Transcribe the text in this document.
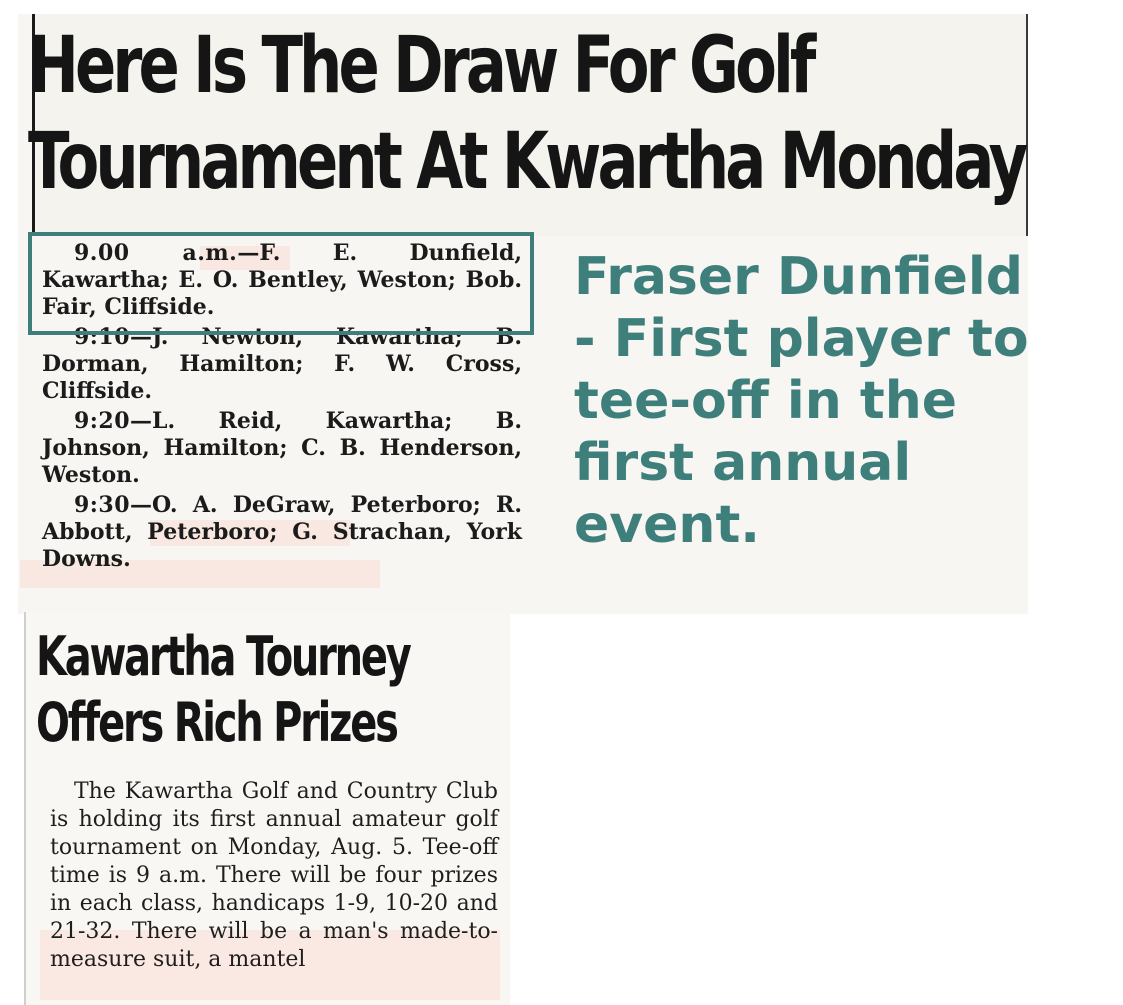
Here Is The Draw For Golf
Tournament At Kwartha Monday

9.00 a.m.—F. E. Dunfield, Kawartha; E. O. Bentley, Weston; Bob. Fair, Cliffside.

9:10—J. Newton, Kawartha; B. Dorman, Hamilton; F. W. Cross, Cliffside.

9:20—L. Reid, Kawartha; B. Johnson, Hamilton; C. B. Henderson, Weston.

9:30—O. A. DeGraw, Peterboro; R. Abbott, Peterboro; G. Strachan, York Downs.

Fraser Dunfield
- First player to
tee-off in the
first annual
event.
Kawartha Tourney
Offers Rich Prizes

The Kawartha Golf and Country Club is holding its first annual amateur golf tournament on Monday, Aug. 5. Tee-off time is 9 a.m. There will be four prizes in each class, handicaps 1-9, 10-20 and 21-32. There will be a man's made-to-measure suit, a mantel
